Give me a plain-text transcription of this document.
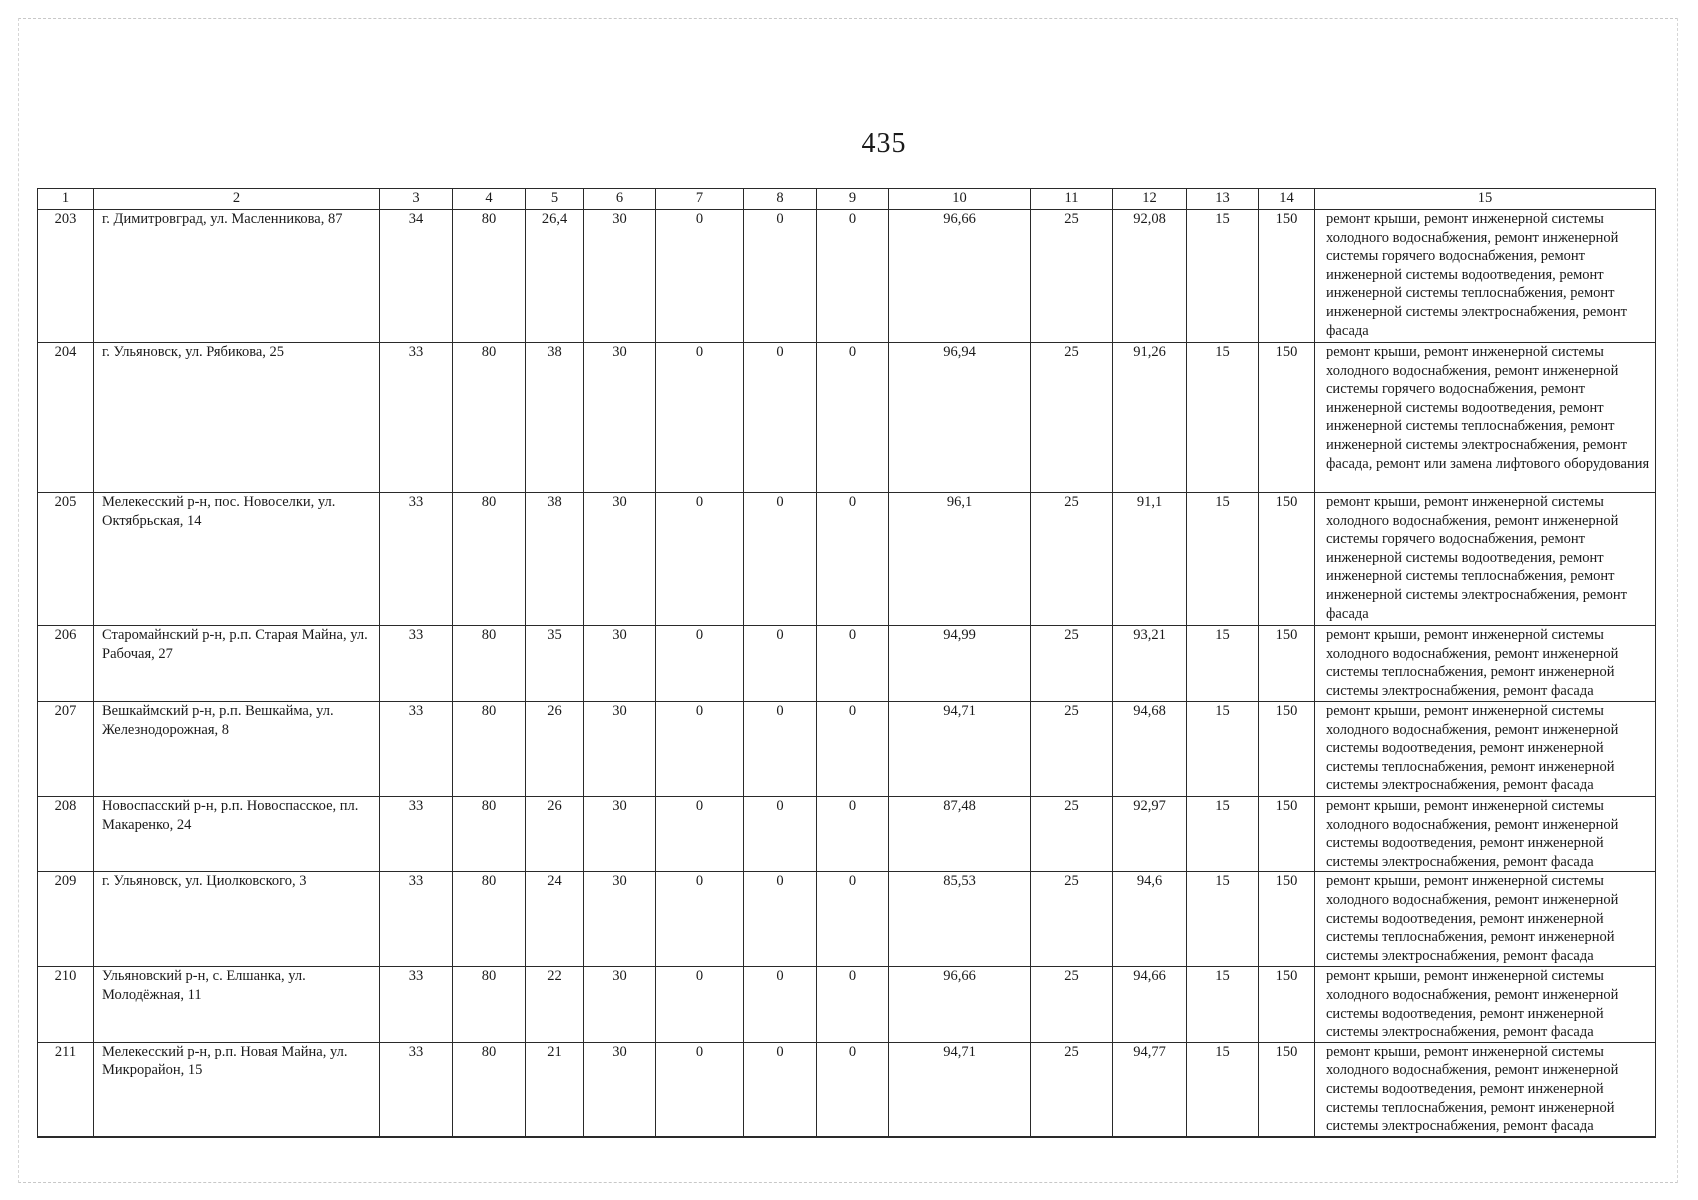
435
1	2	3	4	5	6	7	8	9	10	11	12	13	14	15
203	г. Димитровград, ул. Масленникова, 87	34	80	26,4	30	0	0	0	96,66	25	92,08	15	150	ремонт крыши, ремонт инженерной системы холодного водоснабжения, ремонт инженерной системы горячего водоснабжения, ремонт инженерной системы водоотведения, ремонт инженерной системы теплоснабжения, ремонт инженерной системы электроснабжения, ремонт фасада
204	г. Ульяновск, ул. Рябикова, 25	33	80	38	30	0	0	0	96,94	25	91,26	15	150	ремонт крыши, ремонт инженерной системы холодного водоснабжения, ремонт инженерной системы горячего водоснабжения, ремонт инженерной системы водоотведения, ремонт инженерной системы теплоснабжения, ремонт инженерной системы электроснабжения, ремонт фасада, ремонт или замена лифтового оборудования
205	Мелекесский р-н, пос. Новоселки, ул. Октябрьская, 14	33	80	38	30	0	0	0	96,1	25	91,1	15	150	ремонт крыши, ремонт инженерной системы холодного водоснабжения, ремонт инженерной системы горячего водоснабжения, ремонт инженерной системы водоотведения, ремонт инженерной системы теплоснабжения, ремонт инженерной системы электроснабжения, ремонт фасада
206	Старомайнский р-н, р.п. Старая Майна, ул. Рабочая, 27	33	80	35	30	0	0	0	94,99	25	93,21	15	150	ремонт крыши, ремонт инженерной системы холодного водоснабжения, ремонт инженерной системы теплоснабжения, ремонт инженерной системы электроснабжения, ремонт фасада
207	Вешкаймский р-н, р.п. Вешкайма, ул. Железнодорожная, 8	33	80	26	30	0	0	0	94,71	25	94,68	15	150	ремонт крыши, ремонт инженерной системы холодного водоснабжения, ремонт инженерной системы водоотведения, ремонт инженерной системы теплоснабжения, ремонт инженерной системы электроснабжения, ремонт фасада
208	Новоспасский р-н, р.п. Новоспасское, пл. Макаренко, 24	33	80	26	30	0	0	0	87,48	25	92,97	15	150	ремонт крыши, ремонт инженерной системы холодного водоснабжения, ремонт инженерной системы водоотведения, ремонт инженерной системы электроснабжения, ремонт фасада
209	г. Ульяновск, ул. Циолковского, 3	33	80	24	30	0	0	0	85,53	25	94,6	15	150	ремонт крыши, ремонт инженерной системы холодного водоснабжения, ремонт инженерной системы водоотведения, ремонт инженерной системы теплоснабжения, ремонт инженерной системы электроснабжения, ремонт фасада
210	Ульяновский р-н, с. Елшанка, ул. Молодёжная, 11	33	80	22	30	0	0	0	96,66	25	94,66	15	150	ремонт крыши, ремонт инженерной системы холодного водоснабжения, ремонт инженерной системы водоотведения, ремонт инженерной системы электроснабжения, ремонт фасада
211	Мелекесский р-н, р.п. Новая Майна, ул. Микрорайон, 15	33	80	21	30	0	0	0	94,71	25	94,77	15	150	ремонт крыши, ремонт инженерной системы холодного водоснабжения, ремонт инженерной системы водоотведения, ремонт инженерной системы теплоснабжения, ремонт инженерной системы электроснабжения, ремонт фасада
